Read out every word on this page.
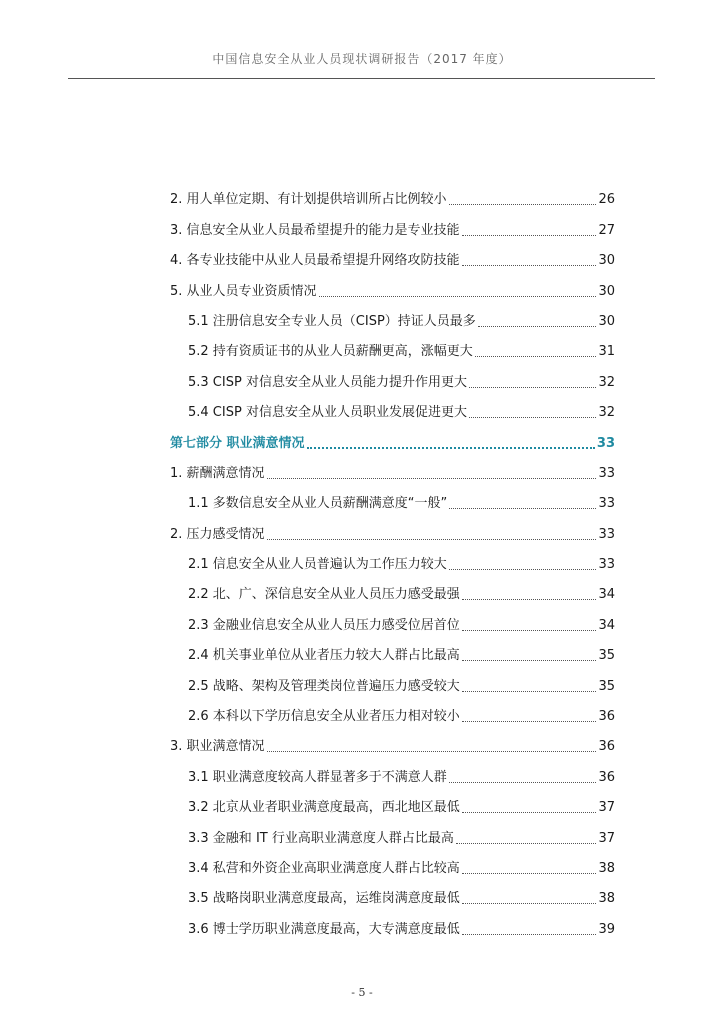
中国信息安全从业人员现状调研报告（2017 年度）
2. 用人单位定期、有计划提供培训所占比例较小	26
3. 信息安全从业人员最希望提升的能力是专业技能	27
4. 各专业技能中从业人员最希望提升网络攻防技能	30
5. 从业人员专业资质情况	30
5.1 注册信息安全专业人员（CISP）持证人员最多	30
5.2 持有资质证书的从业人员薪酬更高，涨幅更大	31
5.3 CISP 对信息安全从业人员能力提升作用更大	32
5.4 CISP 对信息安全从业人员职业发展促进更大	32
第七部分 职业满意情况	33
1. 薪酬满意情况	33
1.1 多数信息安全从业人员薪酬满意度“一般”	33
2. 压力感受情况	33
2.1 信息安全从业人员普遍认为工作压力较大	33
2.2 北、广、深信息安全从业人员压力感受最强	34
2.3 金融业信息安全从业人员压力感受位居首位	34
2.4 机关事业单位从业者压力较大人群占比最高	35
2.5 战略、架构及管理类岗位普遍压力感受较大	35
2.6 本科以下学历信息安全从业者压力相对较小	36
3. 职业满意情况	36
3.1 职业满意度较高人群显著多于不满意人群	36
3.2 北京从业者职业满意度最高，西北地区最低	37
3.3 金融和 IT 行业高职业满意度人群占比最高	37
3.4 私营和外资企业高职业满意度人群占比较高	38
3.5 战略岗职业满意度最高，运维岗满意度最低	38
3.6 博士学历职业满意度最高，大专满意度最低	39
- 5 -
